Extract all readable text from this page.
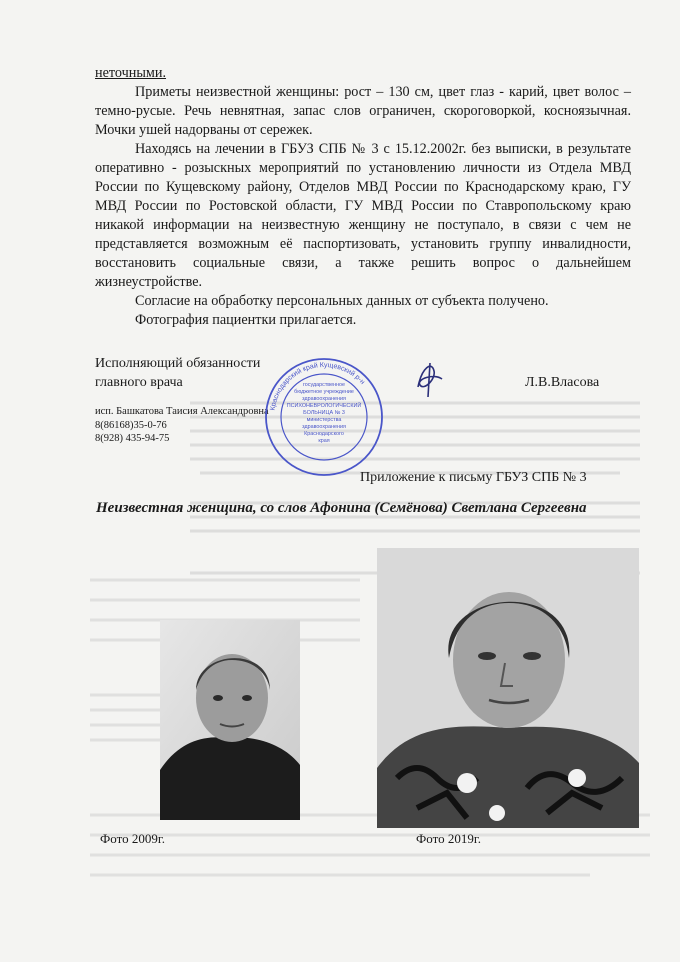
неточными.

Приметы неизвестной женщины: рост – 130 см, цвет глаз - карий, цвет волос – темно-русые. Речь невнятная, запас слов ограничен, скороговоркой, косноязычная. Мочки ушей надорваны от сережек.

Находясь на лечении в ГБУЗ СПБ № 3 с 15.12.2002г. без выписки, в результате оперативно - розыскных мероприятий по установлению личности из Отдела МВД России по Кущевскому району, Отделов МВД России по Краснодарскому краю, ГУ МВД России по Ростовской области, ГУ МВД России по Ставропольскому краю никакой информации на неизвестную женщину не поступало, в связи с чем не представляется возможным её паспортизовать, установить группу инвалидности, восстановить социальные связи, а также решить вопрос о дальнейшем жизнеустройстве.

Согласие на обработку персональных данных от субъекта получено.

Фотография пациентки прилагается.

Исполняющий обязанности
главного врача	Л.В.Власова
исп. Башкатова Таисия Александровна
8(86168)35-0-76
8(928) 435-94-75
Краснодарский край Кущевский р-н
государственное
бюджетное учреждение
здравоохранения
ПСИХОНЕВРОЛОГИЧЕСКИЙ
БОЛЬНИЦА № 3
министерства
здравоохранения
Краснодарского
края
Приложение к письму ГБУЗ СПБ № 3
Неизвестная женщина, со слов Афонина (Семёнова) Светлана Сергеевна
Фото 2009г.	Фото 2019г.
